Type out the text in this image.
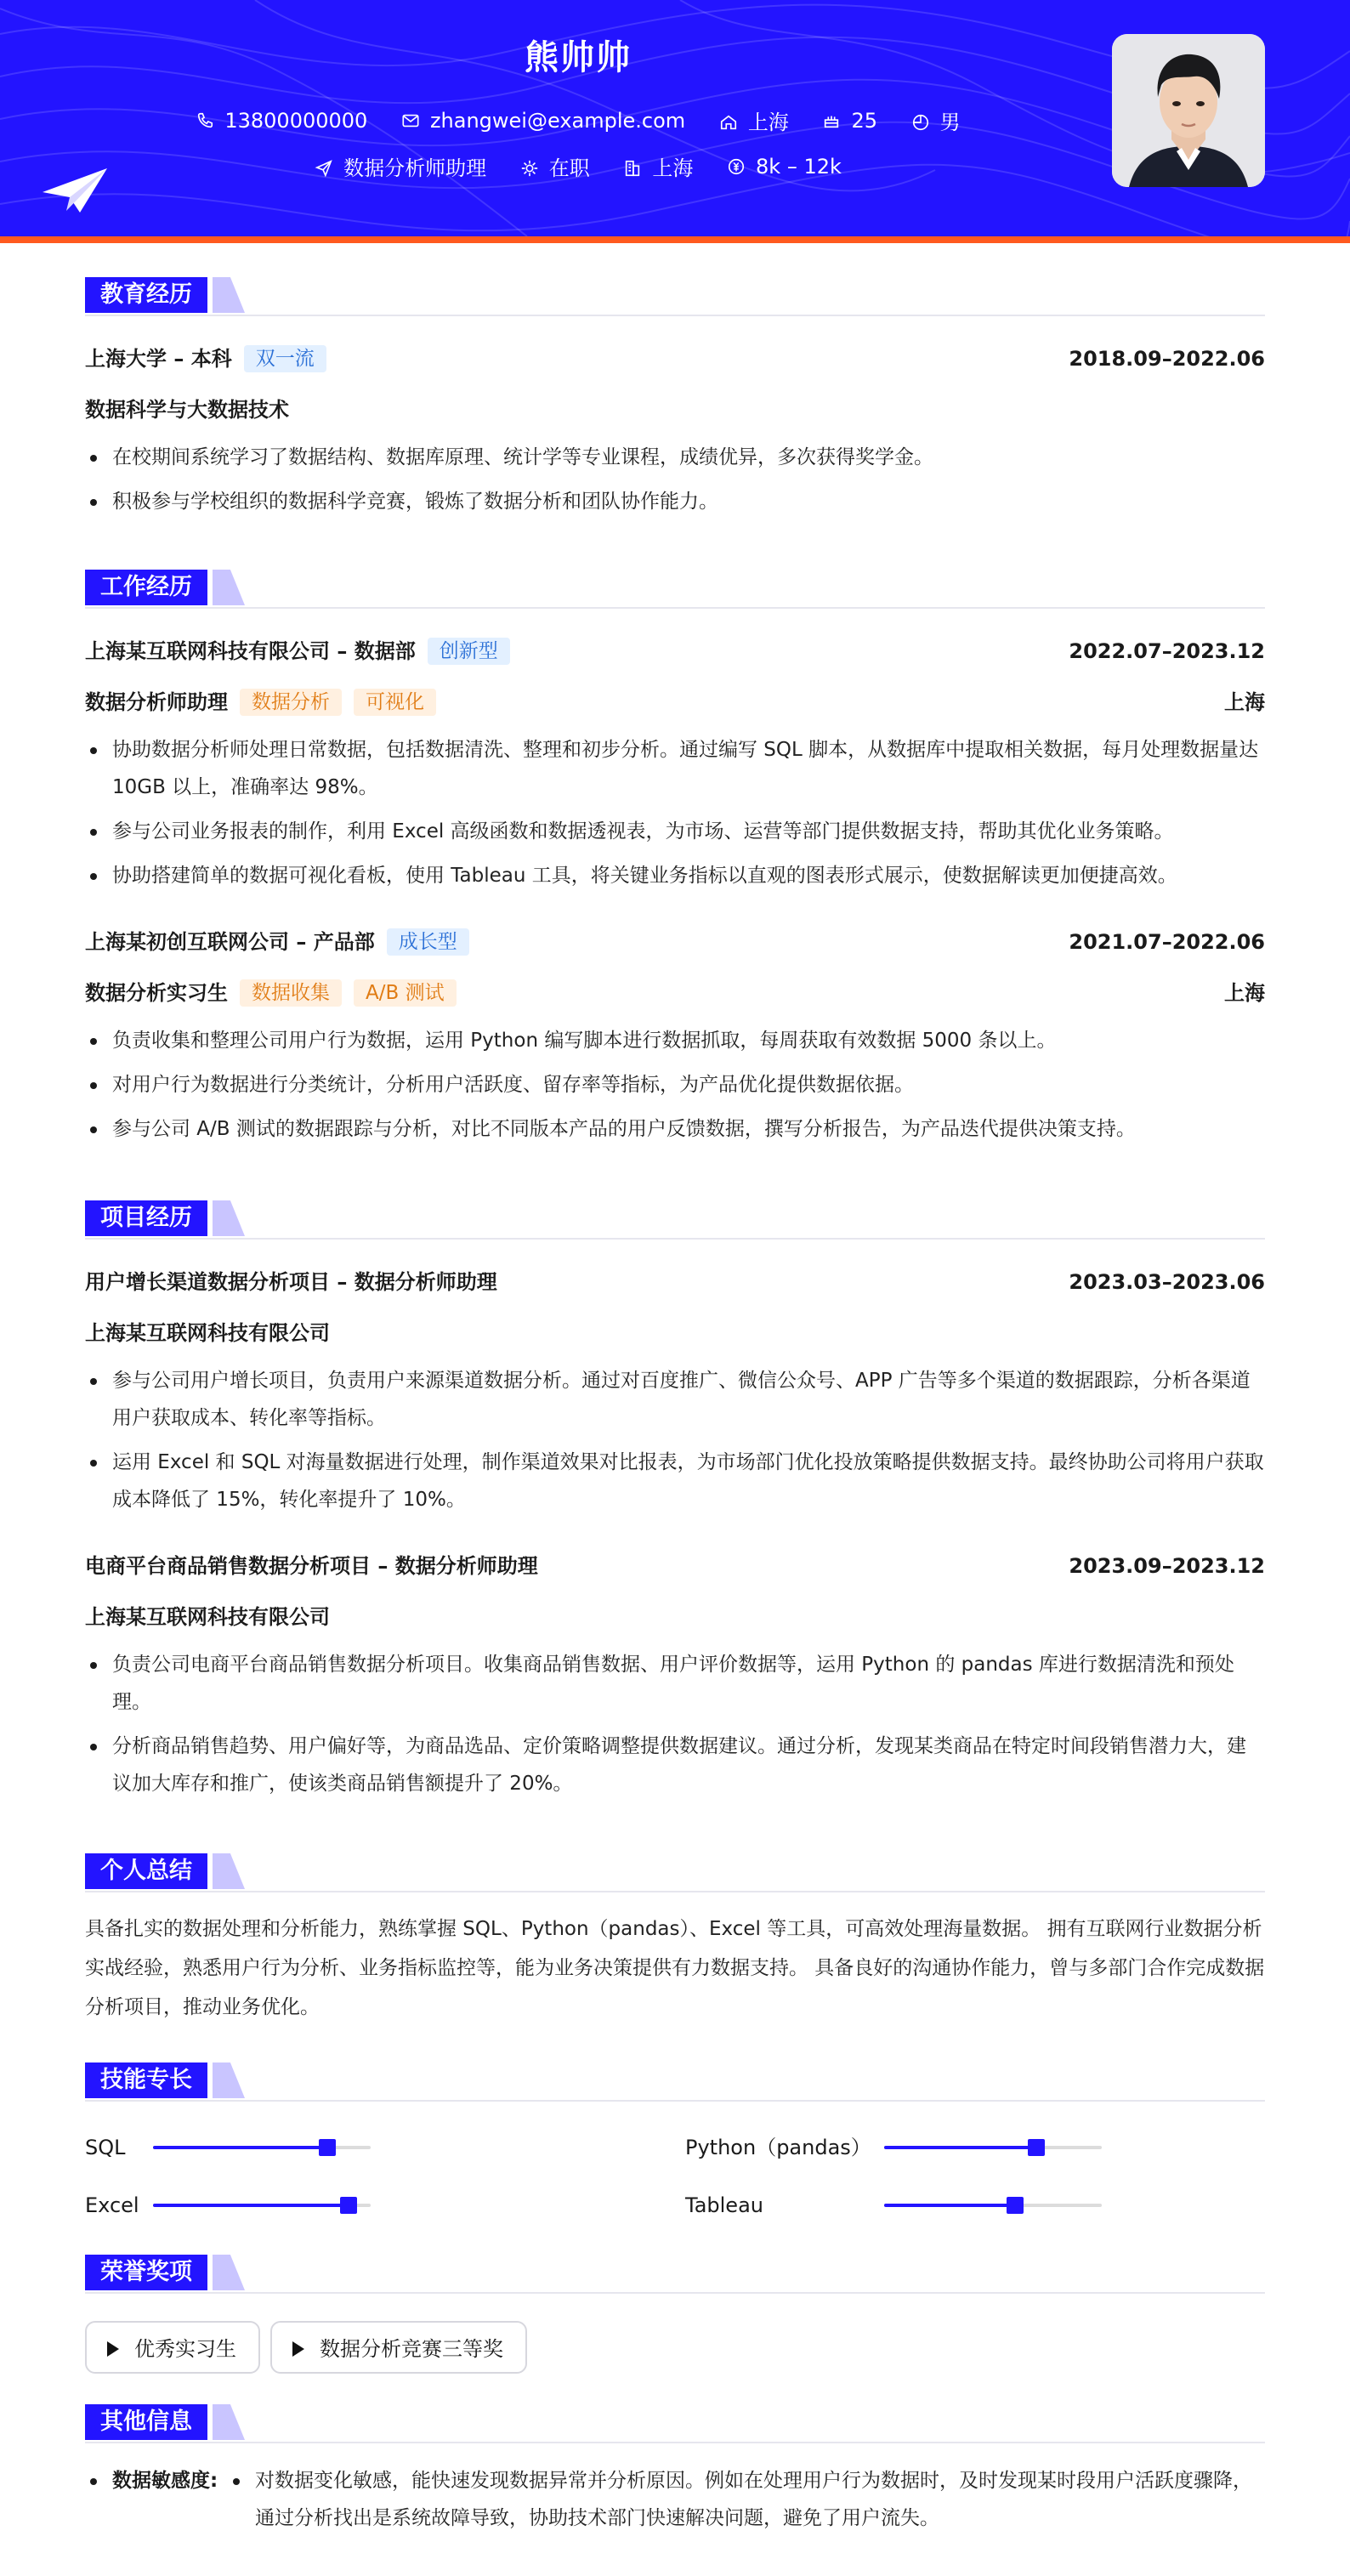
熊帅帅
13800000000	zhangwei@example.com	上海	25	男
数据分析师助理	在职	上海	8k – 12k
教育经历
上海大学 – 本科 双一流	2018.09–2022.06
数据科学与大数据技术
在校期间系统学习了数据结构、数据库原理、统计学等专业课程，成绩优异，多次获得奖学金。
积极参与学校组织的数据科学竞赛，锻炼了数据分析和团队协作能力。
工作经历
上海某互联网科技有限公司 – 数据部 创新型	2022.07–2023.12
数据分析师助理 数据分析 可视化	上海
协助数据分析师处理日常数据，包括数据清洗、整理和初步分析。通过编写 SQL 脚本，从数据库中提取相关数据，每月处理数据量达 10GB 以上，准确率达 98%。
参与公司业务报表的制作，利用 Excel 高级函数和数据透视表，为市场、运营等部门提供数据支持，帮助其优化业务策略。
协助搭建简单的数据可视化看板，使用 Tableau 工具，将关键业务指标以直观的图表形式展示，使数据解读更加便捷高效。
上海某初创互联网公司 – 产品部 成长型	2021.07–2022.06
数据分析实习生 数据收集 A/B 测试	上海
负责收集和整理公司用户行为数据，运用 Python 编写脚本进行数据抓取，每周获取有效数据 5000 条以上。
对用户行为数据进行分类统计，分析用户活跃度、留存率等指标，为产品优化提供数据依据。
参与公司 A/B 测试的数据跟踪与分析，对比不同版本产品的用户反馈数据，撰写分析报告，为产品迭代提供决策支持。
项目经历
用户增长渠道数据分析项目 – 数据分析师助理	2023.03–2023.06
上海某互联网科技有限公司
参与公司用户增长项目，负责用户来源渠道数据分析。通过对百度推广、微信公众号、APP 广告等多个渠道的数据跟踪，分析各渠道用户获取成本、转化率等指标。
运用 Excel 和 SQL 对海量数据进行处理，制作渠道效果对比报表，为市场部门优化投放策略提供数据支持。最终协助公司将用户获取成本降低了 15%，转化率提升了 10%。
电商平台商品销售数据分析项目 – 数据分析师助理	2023.09–2023.12
上海某互联网科技有限公司
负责公司电商平台商品销售数据分析项目。收集商品销售数据、用户评价数据等，运用 Python 的 pandas 库进行数据清洗和预处理。
分析商品销售趋势、用户偏好等，为商品选品、定价策略调整提供数据建议。通过分析，发现某类商品在特定时间段销售潜力大，建议加大库存和推广，使该类商品销售额提升了 20%。
个人总结

具备扎实的数据处理和分析能力，熟练掌握 SQL、Python（pandas）、Excel 等工具，可高效处理海量数据。 拥有互联网行业数据分析实战经验，熟悉用户行为分析、业务指标监控等，能为业务决策提供有力数据支持。 具备良好的沟通协作能力，曾与多部门合作完成数据分析项目，推动业务优化。

技能专长
SQL	Python（pandas）
Excel	Tableau
荣誉奖项
优秀实习生	数据分析竞赛三等奖
其他信息
数据敏感度:	对数据变化敏感，能快速发现数据异常并分析原因。例如在处理用户行为数据时，及时发现某时段用户活跃度骤降，通过分析找出是系统故障导致，协助技术部门快速解决问题，避免了用户流失。
